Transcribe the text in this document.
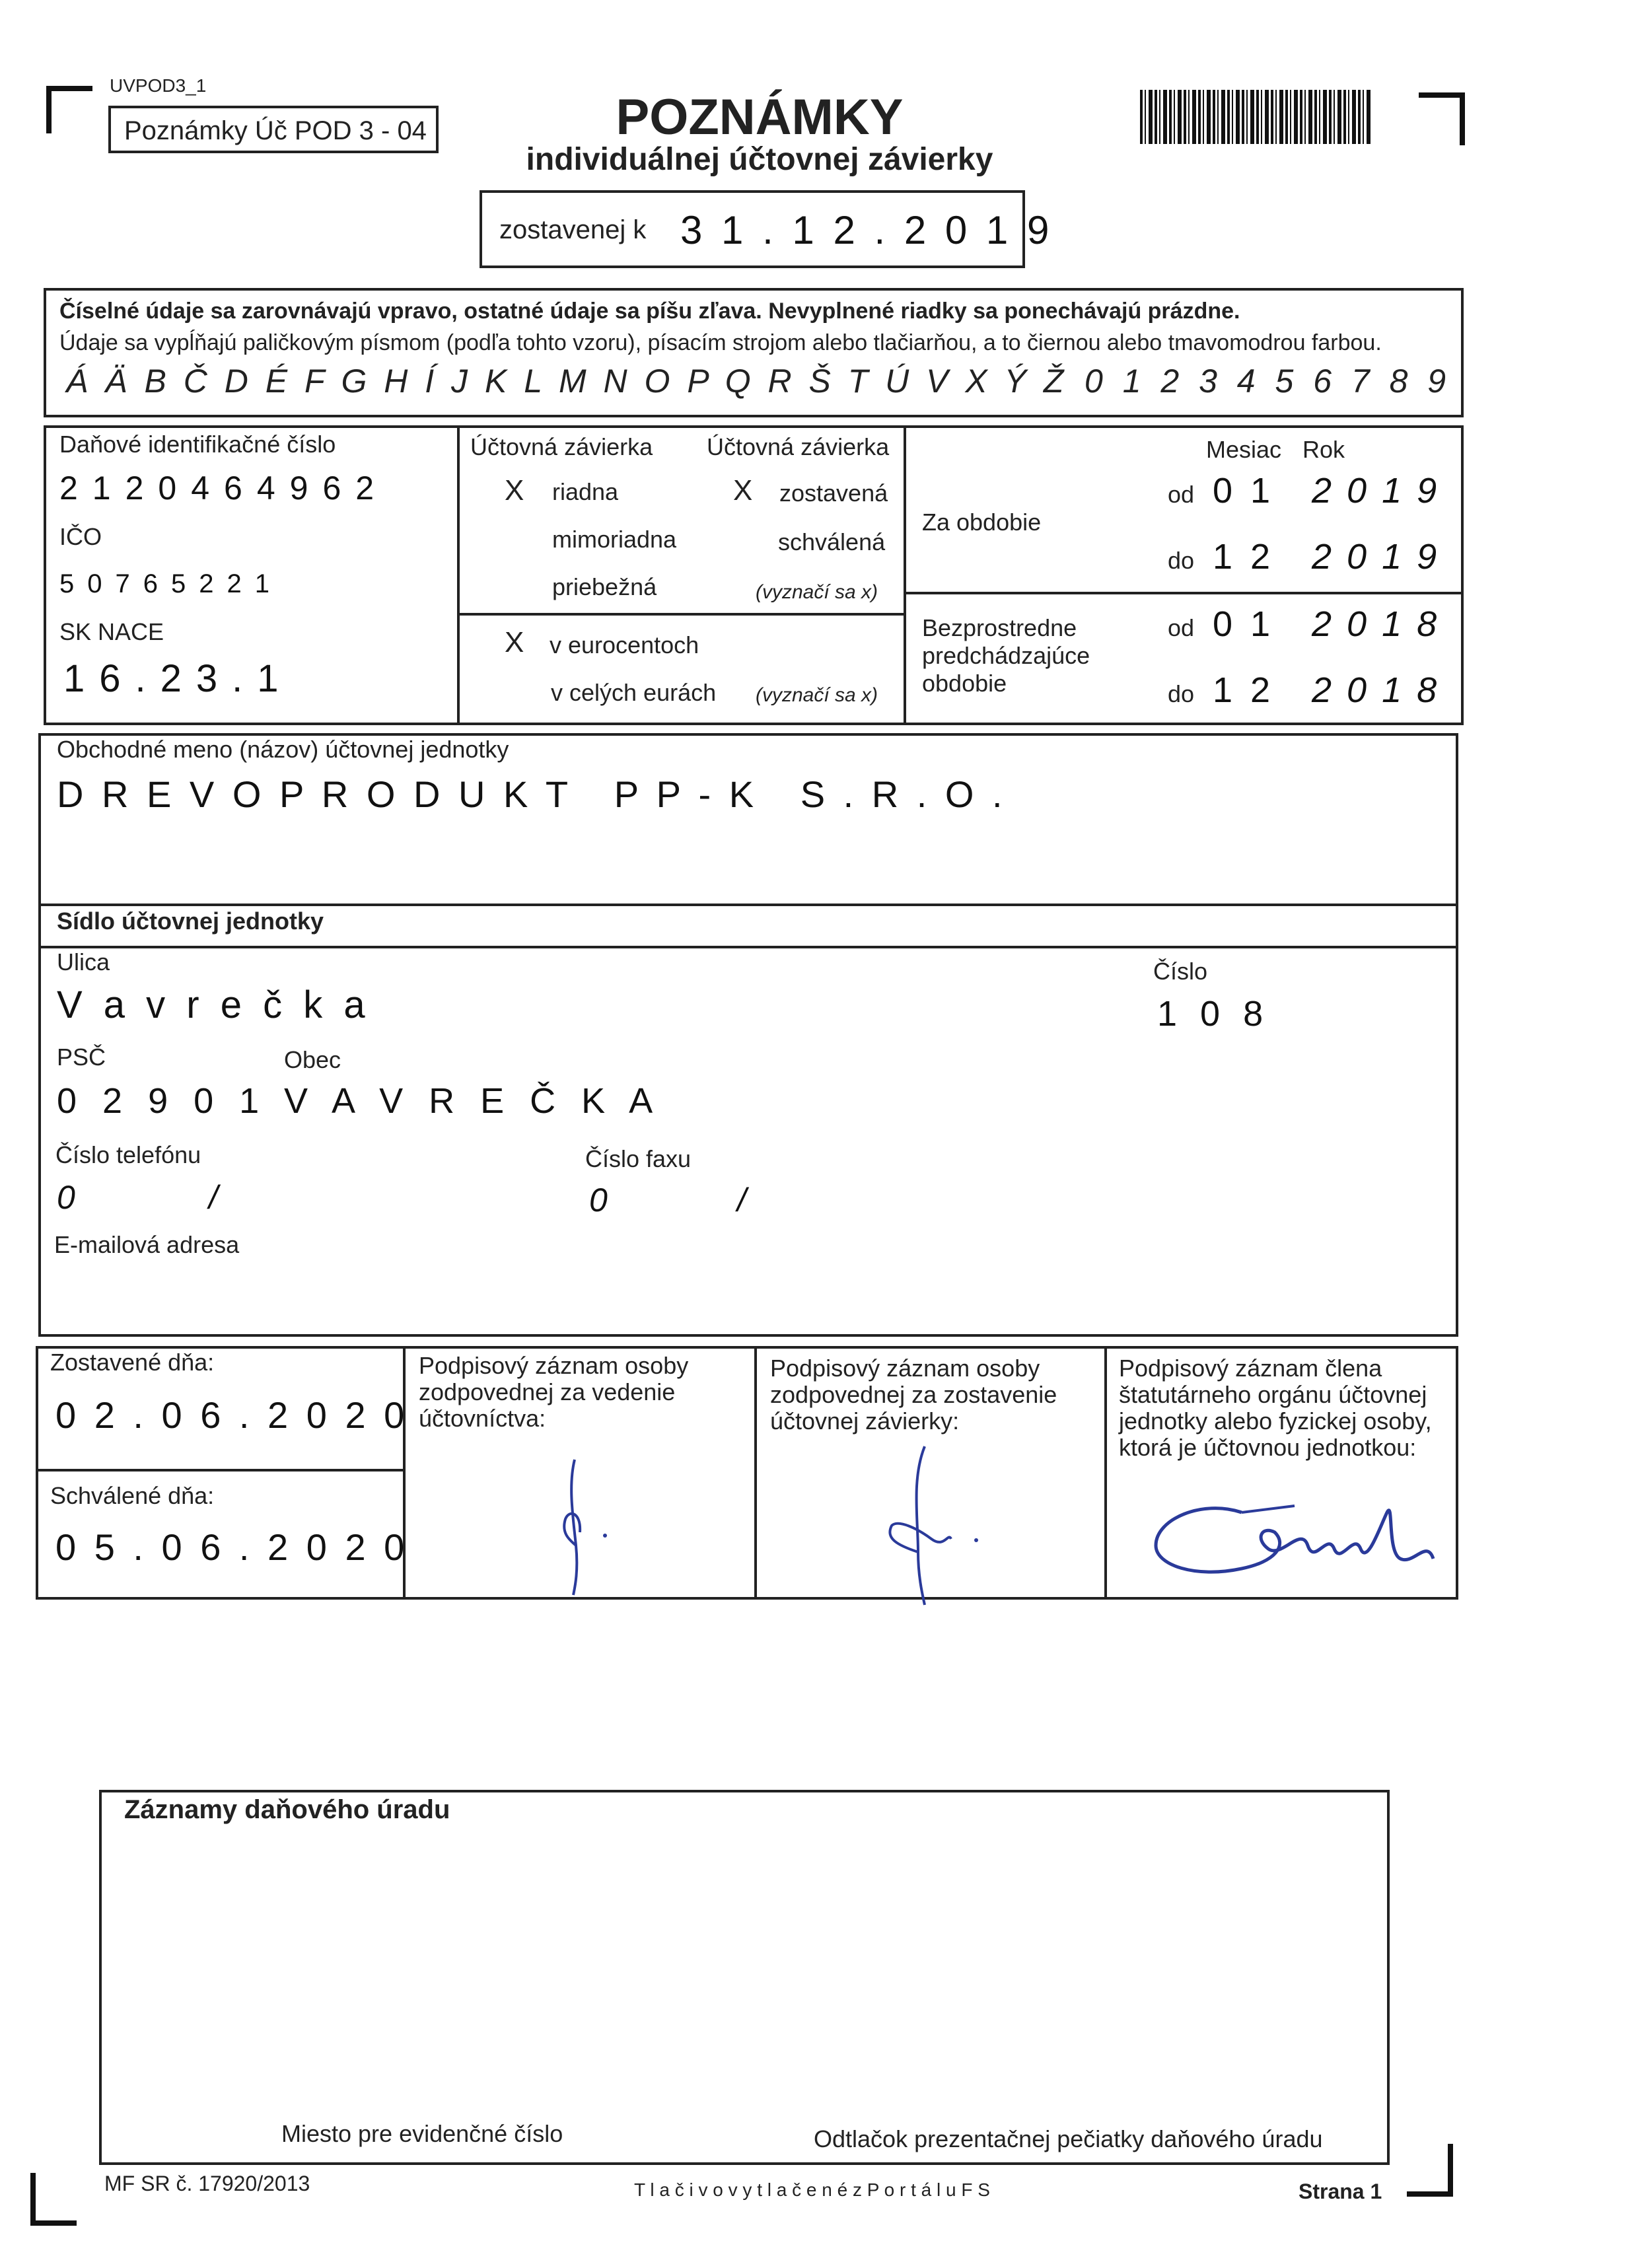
UVPOD3_1
Poznámky Úč POD 3 - 04	POZNÁMKY
individuálnej účtovnej závierky
zostavenej k 3 1 . 1 2 . 2 0 1 9
Číselné údaje sa zarovnávajú vpravo, ostatné údaje sa píšu zľava. Nevyplnené riadky sa ponechávajú prázdne.
Údaje sa vypĺňajú paličkovým písmom (podľa tohto vzoru), písacím strojom alebo tlačiarňou, a to čiernou alebo tmavomodrou farbou.
Á Ä B Č D É F G H Í J K L M N O P Q R Š T Ú V X Ý Ž 0 1 2 3 4 5 6 7 8 9
Daňové identifikačné číslo
2120464962
IČO
50765221
SK NACE
16.23.1
Účtovná závierka Účtovná závierka
X riadna
mimoriadna
priebežná
X zostavená
schválená
(vyznačí sa x)
X v eurocentoch
v celých eurách (vyznačí sa x)
Mesiac Rok
Za obdobie
od 0 1 2 0 1 9
do 1 2 2 0 1 9
Bezprostredne
predchádzajúce
obdobie
od 0 1 2 0 1 8
do 1 2 2 0 1 8
Obchodné meno (názov) účtovnej jednotky
D R E V O P R O D U K T   P P - K   S . R . O .
Sídlo účtovnej jednotky
Ulica
V a v r e č k a
Číslo
1 0 8
PSČ
0 2 9 0 1
Obec
V A V R E Č K A
Číslo telefónu
0	/
Číslo faxu
0	/
E-mailová adresa
Zostavené dňa:
0 2 . 0 6 . 2 0 2 0
Schválené dňa:
0 5 . 0 6 . 2 0 2 0
Podpisový záznam osoby zodpovednej za vedenie účtovníctva:
Podpisový záznam osoby zodpovednej za zostavenie účtovnej závierky:
Podpisový záznam člena štatutárneho orgánu účtovnej jednotky alebo fyzickej osoby, ktorá je účtovnou jednotkou:
Záznamy daňového úradu
Miesto pre evidenčné číslo	Odtlačok prezentačnej pečiatky daňového úradu
MF SR č. 17920/2013	T l a č i v o v y t l a č e n é z P o r t á l u F S	Strana 1
